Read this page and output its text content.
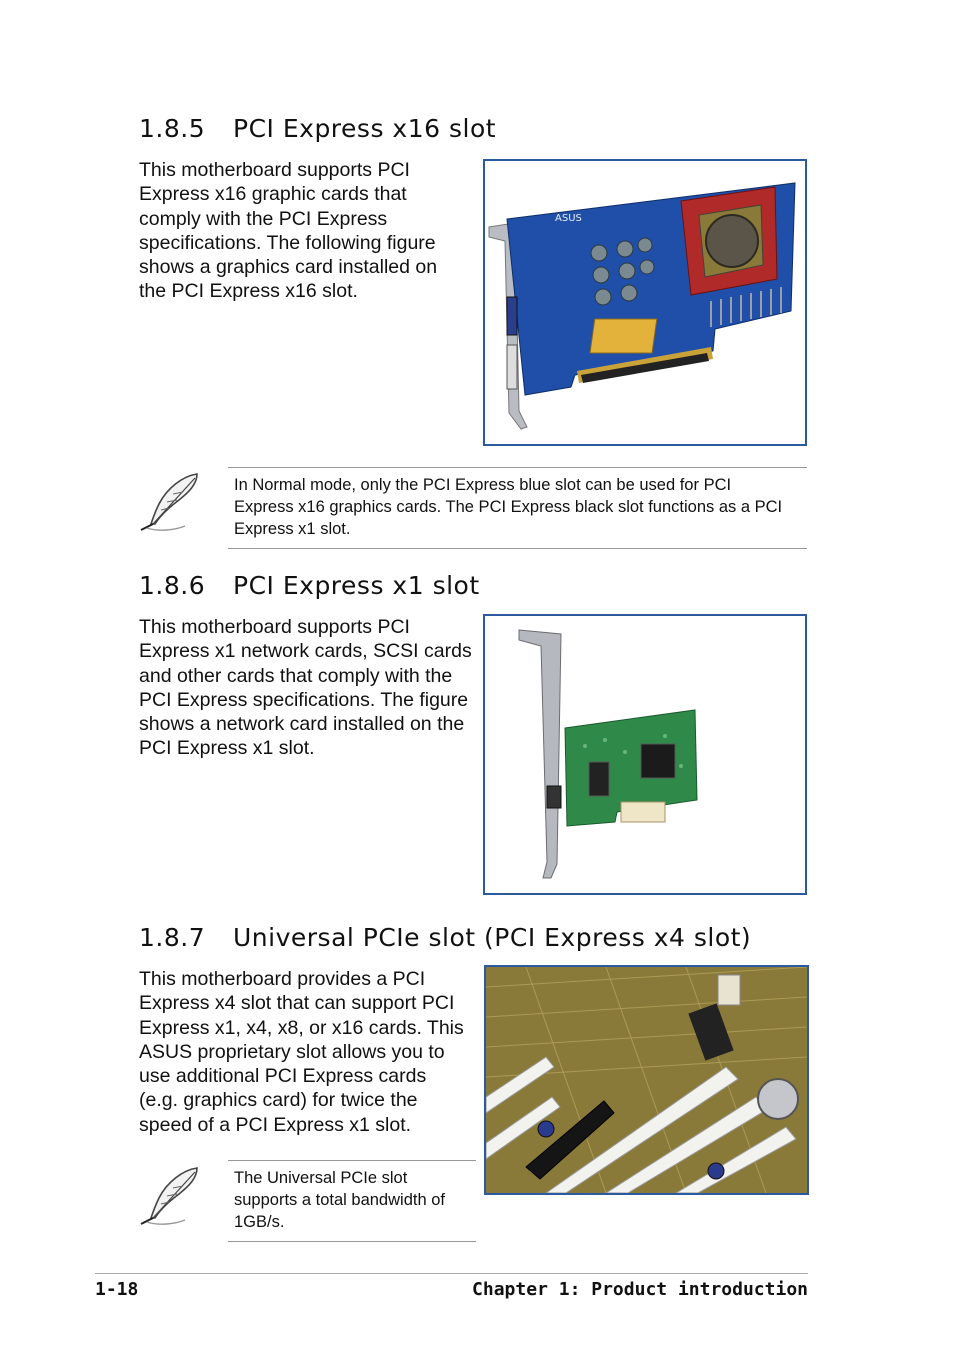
1.8.5 PCI Express x16 slot
This motherboard supports PCI
Express x16 graphic cards that
comply with the PCI Express
specifications. The following figure
shows a graphics card installed on
the PCI Express x16 slot.
ASUS
In Normal mode, only the PCI Express blue slot can be used for PCI
Express x16 graphics cards. The PCI Express black slot functions as a PCI
Express x1 slot.
1.8.6 PCI Express x1 slot
This motherboard supports PCI
Express x1 network cards, SCSI cards
and other cards that comply with the
PCI Express specifications. The figure
shows a network card installed on the
PCI Express x1 slot.
1.8.7 Universal PCIe slot (PCI Express x4 slot)
This motherboard provides a PCI
Express x4 slot that can support PCI
Express x1, x4, x8, or x16 cards. This
ASUS proprietary slot allows you to
use additional PCI Express cards
(e.g. graphics card) for twice the
speed of a PCI Express x1 slot.
The Universal PCIe slot
supports a total bandwidth of
1GB/s.
1-18	Chapter 1: Product introduction
